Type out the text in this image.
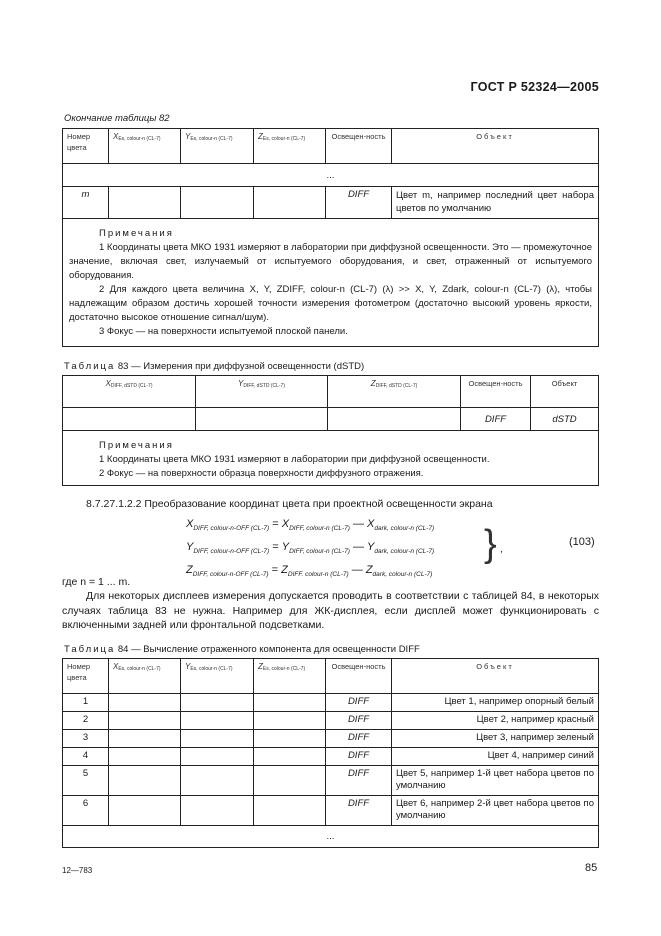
ГОСТ Р 52324—2005
Окончание таблицы 82
Номер цвета	$X_{Es, colour-n (CL-7)}$	$Y_{Es, colour-n (CL-7)}$	$Z_{Es, colour-n (CL-7)}$	Освещен-ность	Объект
...					
m				DIFF	Цвет m, например последний цвет набора цветов по умолчанию

Примечания

1 Координаты цвета МКО 1931 измеряют в лаборатории при диффузной освещенности. Это — промежуточное значение, включая свет, излучаемый от испытуемого оборудования, и свет, отраженный от испытуемого оборудования.

2 Для каждого цвета величина X, Y, ZDIFF, colour-n (CL-7) (λ) >> X, Y, Zdark, colour-n (CL-7) (λ), чтобы надлежащим образом достичь хорошей точности измерения фотометром (достаточно высокий уровень яркости, достаточно высокое отношение сигнал/шум).

3 Фокус — на поверхности испытуемой плоской панели.					

Таблица 83 — Измерения при диффузной освещенности (dSTD)
$X_{DIFF, dSTD (CL-7)}$	$Y_{DIFF, dSTD (CL-7)}$	$Z_{DIFF, dSTD (CL-7)}$	Освещен-ность	Объект
			DIFF	dSTD

Примечания

1 Координаты цвета МКО 1931 измеряют в лаборатории при диффузной освещенности.

2 Фокус — на поверхности образца поверхности диффузного отражения.				

8.7.27.1.2.2 Преобразование координат цвета при проектной освещенности экрана
$X_{DIFF, colour-n-OFF (CL-7)} = X_{DIFF, colour-n (CL-7)}$ — $X_{dark, colour-n (CL-7)}$
$Y_{DIFF, colour-n-OFF (CL-7)} = Y_{DIFF, colour-n (CL-7)}$ — $Y_{dark, colour-n (CL-7)}$
$Z_{DIFF, colour-n-OFF (CL-7)} = Z_{DIFF. colour-n (CL-7)}$ — $Z_{dark, colour-n (CL-7)}$
} ,
(103)
где n = 1 ... m.

Для некоторых дисплеев измерения допускается проводить в соответствии с таблицей 84, в некоторых случаях таблица 83 не нужна. Например для ЖК-дисплея, если дисплей может функционировать с включенными задней или фронтальной подсветками.

Таблица 84 — Вычисление отраженного компонента для освещенности DIFF
Номер цвета	$X_{Es, colour-n (CL-7)}$	$Y_{Es, colour-n (CL-7)}$	$Z_{Es, colour-n (CL-7)}$	Освещен-ность	Объект
1				DIFF	Цвет 1, например опорный белый
2				DIFF	Цвет 2, например красный
3				DIFF	Цвет 3, например зеленый
4				DIFF	Цвет 4, например синий
5				DIFF	Цвет 5, например 1-й цвет набора цветов по умолчанию
6				DIFF	Цвет 6, например 2-й цвет набора цветов по умолчанию
...					
12—783	85
